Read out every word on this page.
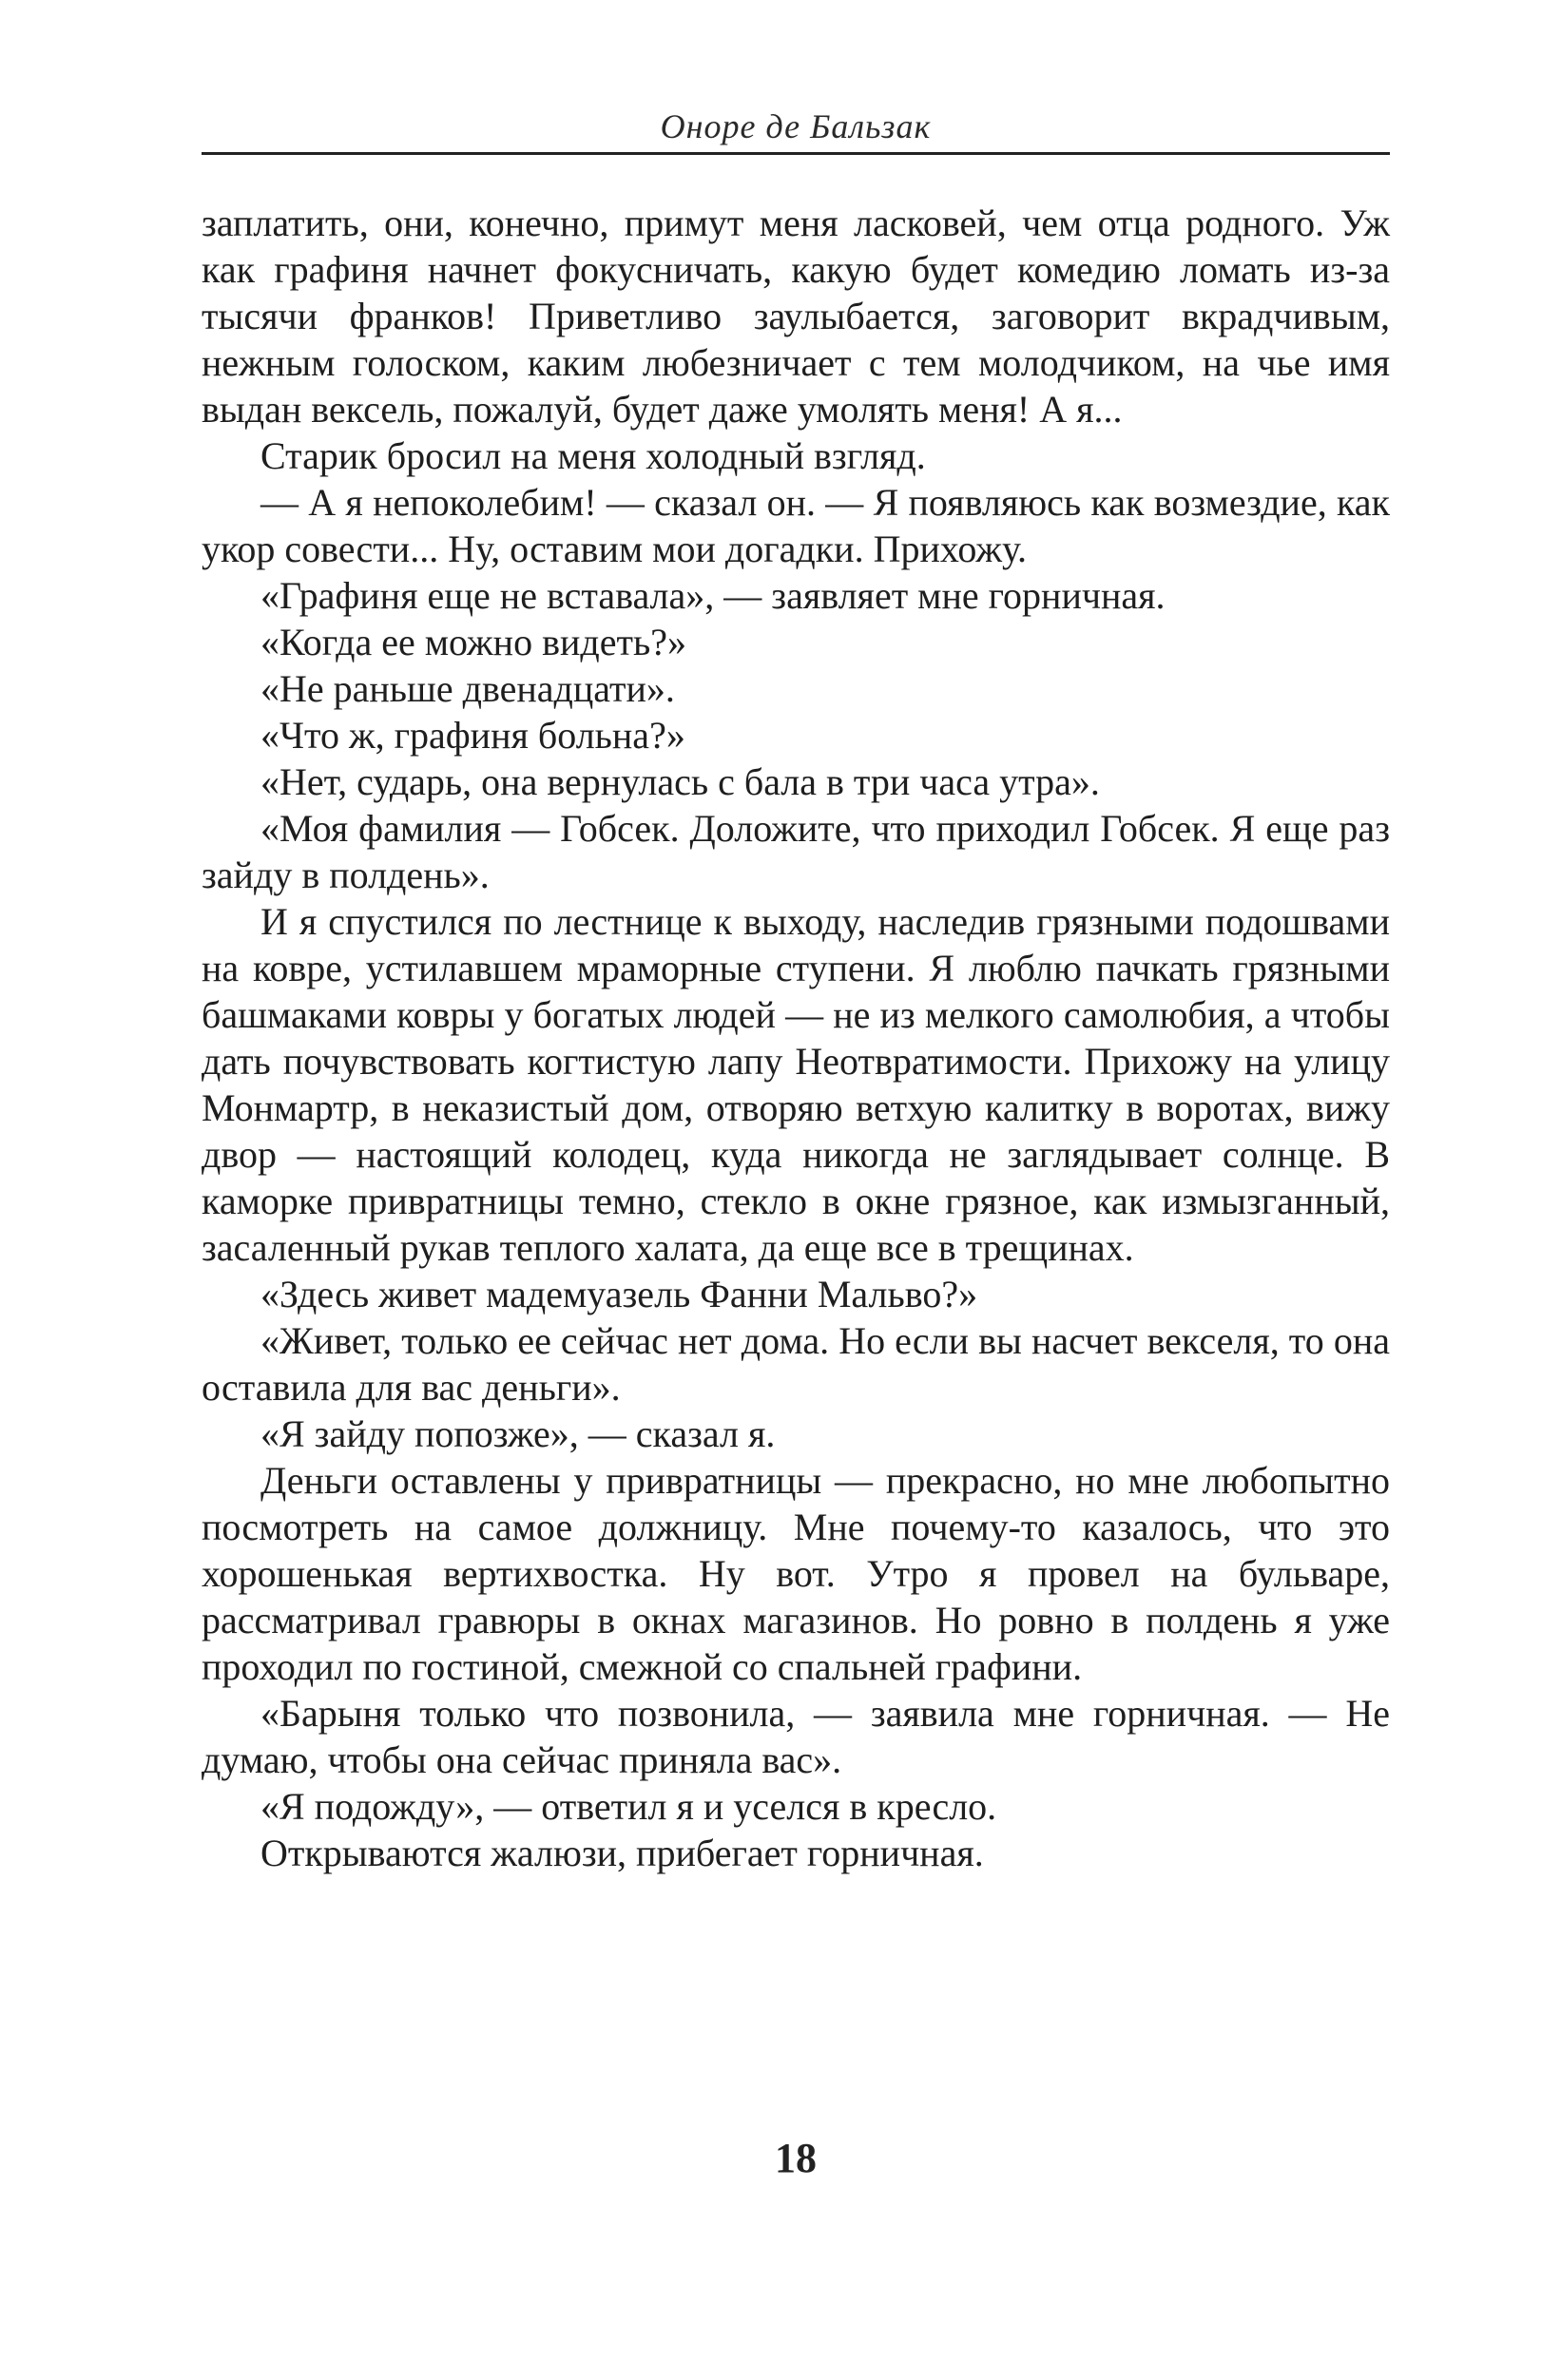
Оноре де Бальзак

заплатить, они, конечно, примут меня ласковей, чем отца родного. Уж как графиня начнет фокусничать, какую будет комедию ломать из-за тысячи франков! Приветливо заулыбается, заговорит вкрадчивым, нежным голоском, каким любезничает с тем молодчиком, на чье имя выдан вексель, пожалуй, будет даже умолять меня! А я...

Старик бросил на меня холодный взгляд.

— А я непоколебим! — сказал он. — Я появляюсь как возмездие, как укор совести... Ну, оставим мои догадки. Прихожу.

«Графиня еще не вставала», — заявляет мне горничная.

«Когда ее можно видеть?»

«Не раньше двенадцати».

«Что ж, графиня больна?»

«Нет, сударь, она вернулась с бала в три часа утра».

«Моя фамилия — Гобсек. Доложите, что приходил Гобсек. Я еще раз зайду в полдень».

И я спустился по лестнице к выходу, наследив грязными подошвами на ковре, устилавшем мраморные ступени. Я люблю пачкать грязными башмаками ковры у богатых людей — не из мелкого самолюбия, а чтобы дать почувствовать когтистую лапу Неотвратимости. Прихожу на улицу Монмартр, в неказистый дом, отворяю ветхую калитку в воротах, вижу двор — настоящий колодец, куда никогда не заглядывает солнце. В каморке привратницы темно, стекло в окне грязное, как измызганный, засаленный рукав теплого халата, да еще все в трещинах.

«Здесь живет мадемуазель Фанни Мальво?»

«Живет, только ее сейчас нет дома. Но если вы насчет векселя, то она оставила для вас деньги».

«Я зайду попозже», — сказал я.

Деньги оставлены у привратницы — прекрасно, но мне любопытно посмотреть на самое должницу. Мне почему-то казалось, что это хорошенькая вертихвостка. Ну вот. Утро я провел на бульваре, рассматривал гравюры в окнах магазинов. Но ровно в полдень я уже проходил по гостиной, смежной со спальней графини.

«Барыня только что позвонила, — заявила мне горничная. — Не думаю, чтобы она сейчас приняла вас».

«Я подожду», — ответил я и уселся в кресло.

Открываются жалюзи, прибегает горничная.

18
